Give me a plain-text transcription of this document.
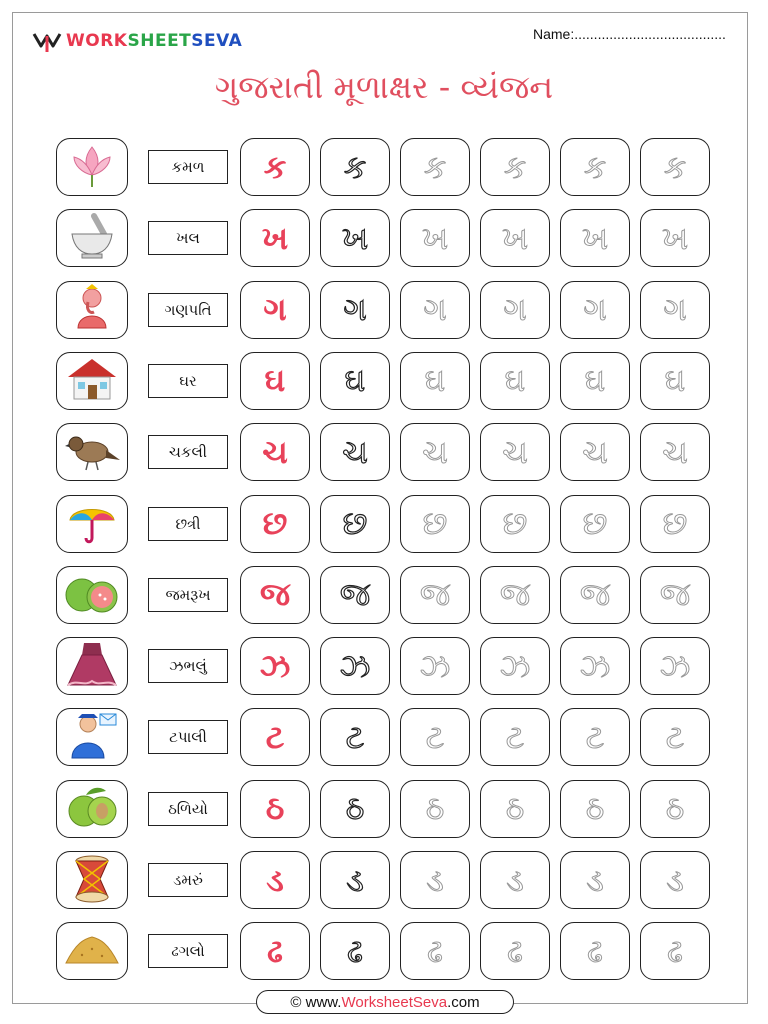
WORKSHEETSEVA	Name:.......................................
ગુજરાતી મૂળાક્ષર - વ્યંજન
કમળ	ક	ક	ક ક ક ક
ખલ	ખ	ખ	ખ ખ ખ ખ
ગણપતિ	ગ	ગ	ગ ગ ગ ગ
ઘર	ઘ	ઘ	ઘ ઘ ઘ ઘ
ચકલી	ચ	ચ	ચ ચ ચ ચ
છત્રી	છ	છ	છ છ છ છ
જમરૂખ	જ	જ	જ જ જ જ
ઝભલું	ઝ	ઝ	ઝ ઝ ઝ ઝ
ટપાલી	ટ	ટ	ટ ટ ટ ટ
ઠળિયો	ઠ	ઠ	ઠ ઠ ઠ ઠ
ડમરું	ડ	ડ	ડ ડ ડ ડ
ઢગલો	ઢ	ઢ	ઢ ઢ ઢ ઢ
© www. WorksheetSeva .com
